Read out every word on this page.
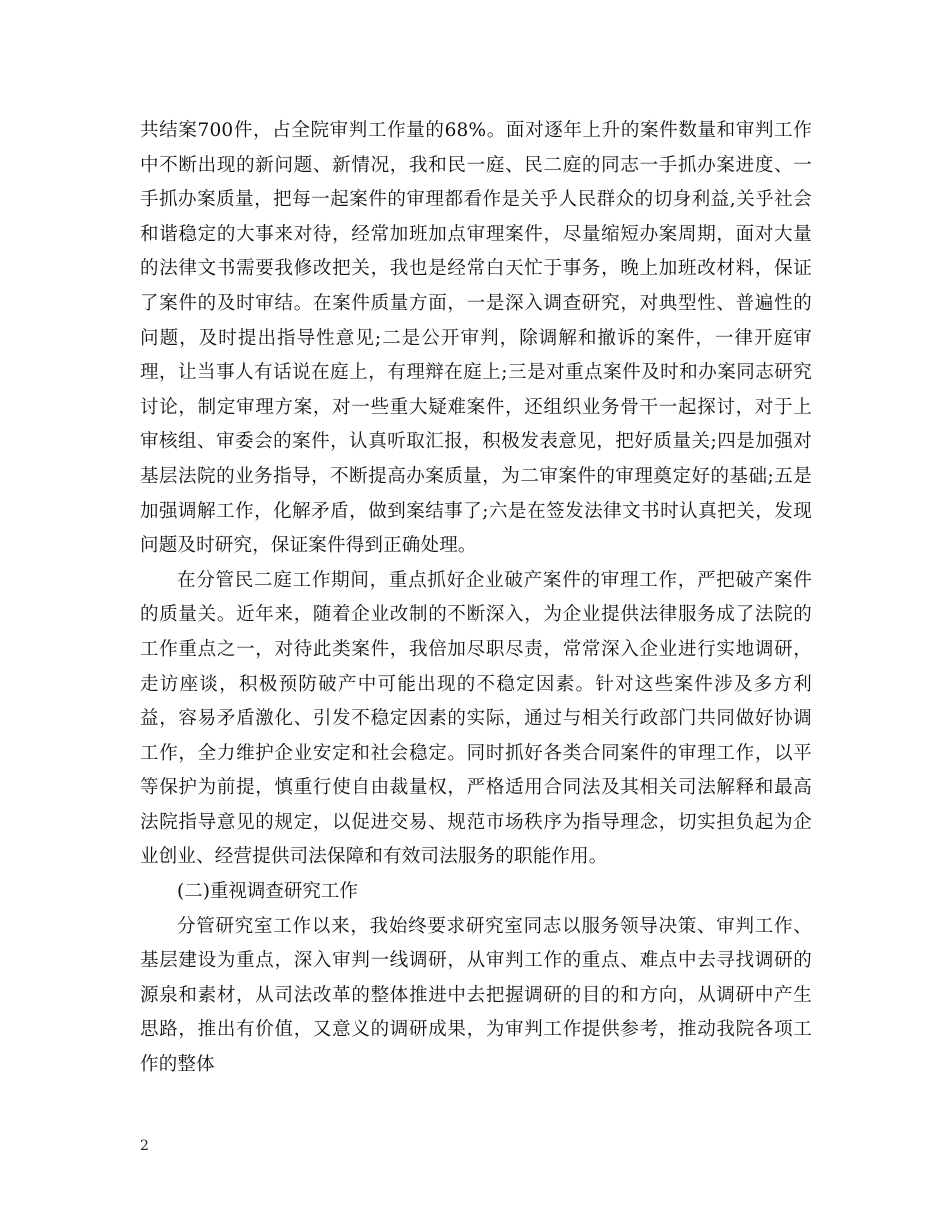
共结案700件，占全院审判工作量的68%。面对逐年上升的案件数量和审判工作中不断出现的新问题、新情况，我和民一庭、民二庭的同志一手抓办案进度、一手抓办案质量，把每一起案件的审理都看作是关乎人民群众的切身利益,关乎社会和谐稳定的大事来对待，经常加班加点审理案件，尽量缩短办案周期，面对大量的法律文书需要我修改把关，我也是经常白天忙于事务，晚上加班改材料，保证了案件的及时审结。在案件质量方面，一是深入调查研究，对典型性、普遍性的问题，及时提出指导性意见;二是公开审判，除调解和撤诉的案件，一律开庭审理，让当事人有话说在庭上，有理辩在庭上;三是对重点案件及时和办案同志研究讨论，制定审理方案，对一些重大疑难案件，还组织业务骨干一起探讨，对于上审核组、审委会的案件，认真听取汇报，积极发表意见，把好质量关;四是加强对基层法院的业务指导，不断提高办案质量，为二审案件的审理奠定好的基础;五是加强调解工作，化解矛盾，做到案结事了;六是在签发法律文书时认真把关，发现问题及时研究，保证案件得到正确处理。

在分管民二庭工作期间，重点抓好企业破产案件的审理工作，严把破产案件的质量关。近年来，随着企业改制的不断深入，为企业提供法律服务成了法院的工作重点之一，对待此类案件，我倍加尽职尽责，常常深入企业进行实地调研，走访座谈，积极预防破产中可能出现的不稳定因素。针对这些案件涉及多方利益，容易矛盾激化、引发不稳定因素的实际，通过与相关行政部门共同做好协调工作，全力维护企业安定和社会稳定。同时抓好各类合同案件的审理工作，以平等保护为前提，慎重行使自由裁量权，严格适用合同法及其相关司法解释和最高法院指导意见的规定，以促进交易、规范市场秩序为指导理念，切实担负起为企业创业、经营提供司法保障和有效司法服务的职能作用。

(二)重视调查研究工作

分管研究室工作以来，我始终要求研究室同志以服务领导决策、审判工作、基层建设为重点，深入审判一线调研，从审判工作的重点、难点中去寻找调研的源泉和素材，从司法改革的整体推进中去把握调研的目的和方向，从调研中产生思路，推出有价值，又意义的调研成果，为审判工作提供参考，推动我院各项工作的整体

2
